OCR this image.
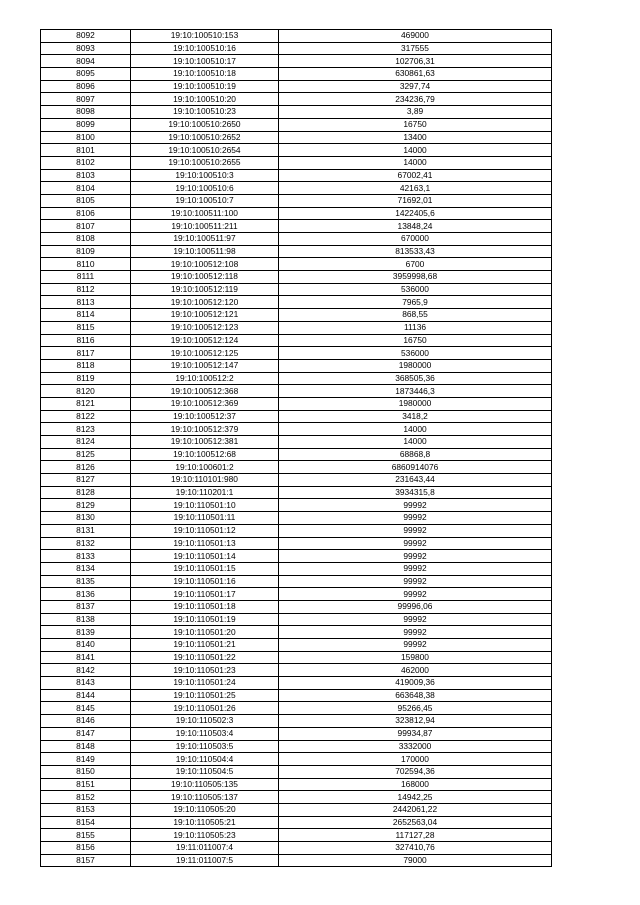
8092	19:10:100510:153	469000
8093	19:10:100510:16	317555
8094	19:10:100510:17	102706,31
8095	19:10:100510:18	630861,63
8096	19:10:100510:19	3297,74
8097	19:10:100510:20	234236,79
8098	19:10:100510:23	3,89
8099	19:10:100510:2650	16750
8100	19:10:100510:2652	13400
8101	19:10:100510:2654	14000
8102	19:10:100510:2655	14000
8103	19:10:100510:3	67002,41
8104	19:10:100510:6	42163,1
8105	19:10:100510:7	71692,01
8106	19:10:100511:100	1422405,6
8107	19:10:100511:211	13848,24
8108	19:10:100511:97	670000
8109	19:10:100511:98	813533,43
8110	19:10:100512:108	6700
8111	19:10:100512:118	3959998,68
8112	19:10:100512:119	536000
8113	19:10:100512:120	7965,9
8114	19:10:100512:121	868,55
8115	19:10:100512:123	11136
8116	19:10:100512:124	16750
8117	19:10:100512:125	536000
8118	19:10:100512:147	1980000
8119	19:10:100512:2	368505,36
8120	19:10:100512:368	1873446,3
8121	19:10:100512:369	1980000
8122	19:10:100512:37	3418,2
8123	19:10:100512:379	14000
8124	19:10:100512:381	14000
8125	19:10:100512:68	68868,8
8126	19:10:100601:2	6860914076
8127	19:10:110101:980	231643,44
8128	19:10:110201:1	3934315,8
8129	19:10:110501:10	99992
8130	19:10:110501:11	99992
8131	19:10:110501:12	99992
8132	19:10:110501:13	99992
8133	19:10:110501:14	99992
8134	19:10:110501:15	99992
8135	19:10:110501:16	99992
8136	19:10:110501:17	99992
8137	19:10:110501:18	99996,06
8138	19:10:110501:19	99992
8139	19:10:110501:20	99992
8140	19:10:110501:21	99992
8141	19:10:110501:22	159800
8142	19:10:110501:23	462000
8143	19:10:110501:24	419009,36
8144	19:10:110501:25	663648,38
8145	19:10:110501:26	95266,45
8146	19:10:110502:3	323812,94
8147	19:10:110503:4	99934,87
8148	19:10:110503:5	3332000
8149	19:10:110504:4	170000
8150	19:10:110504:5	702594,36
8151	19:10:110505:135	168000
8152	19:10:110505:137	14942,25
8153	19:10:110505:20	2442061,22
8154	19:10:110505:21	2652563,04
8155	19:10:110505:23	117127,28
8156	19:11:011007:4	327410,76
8157	19:11:011007:5	79000
